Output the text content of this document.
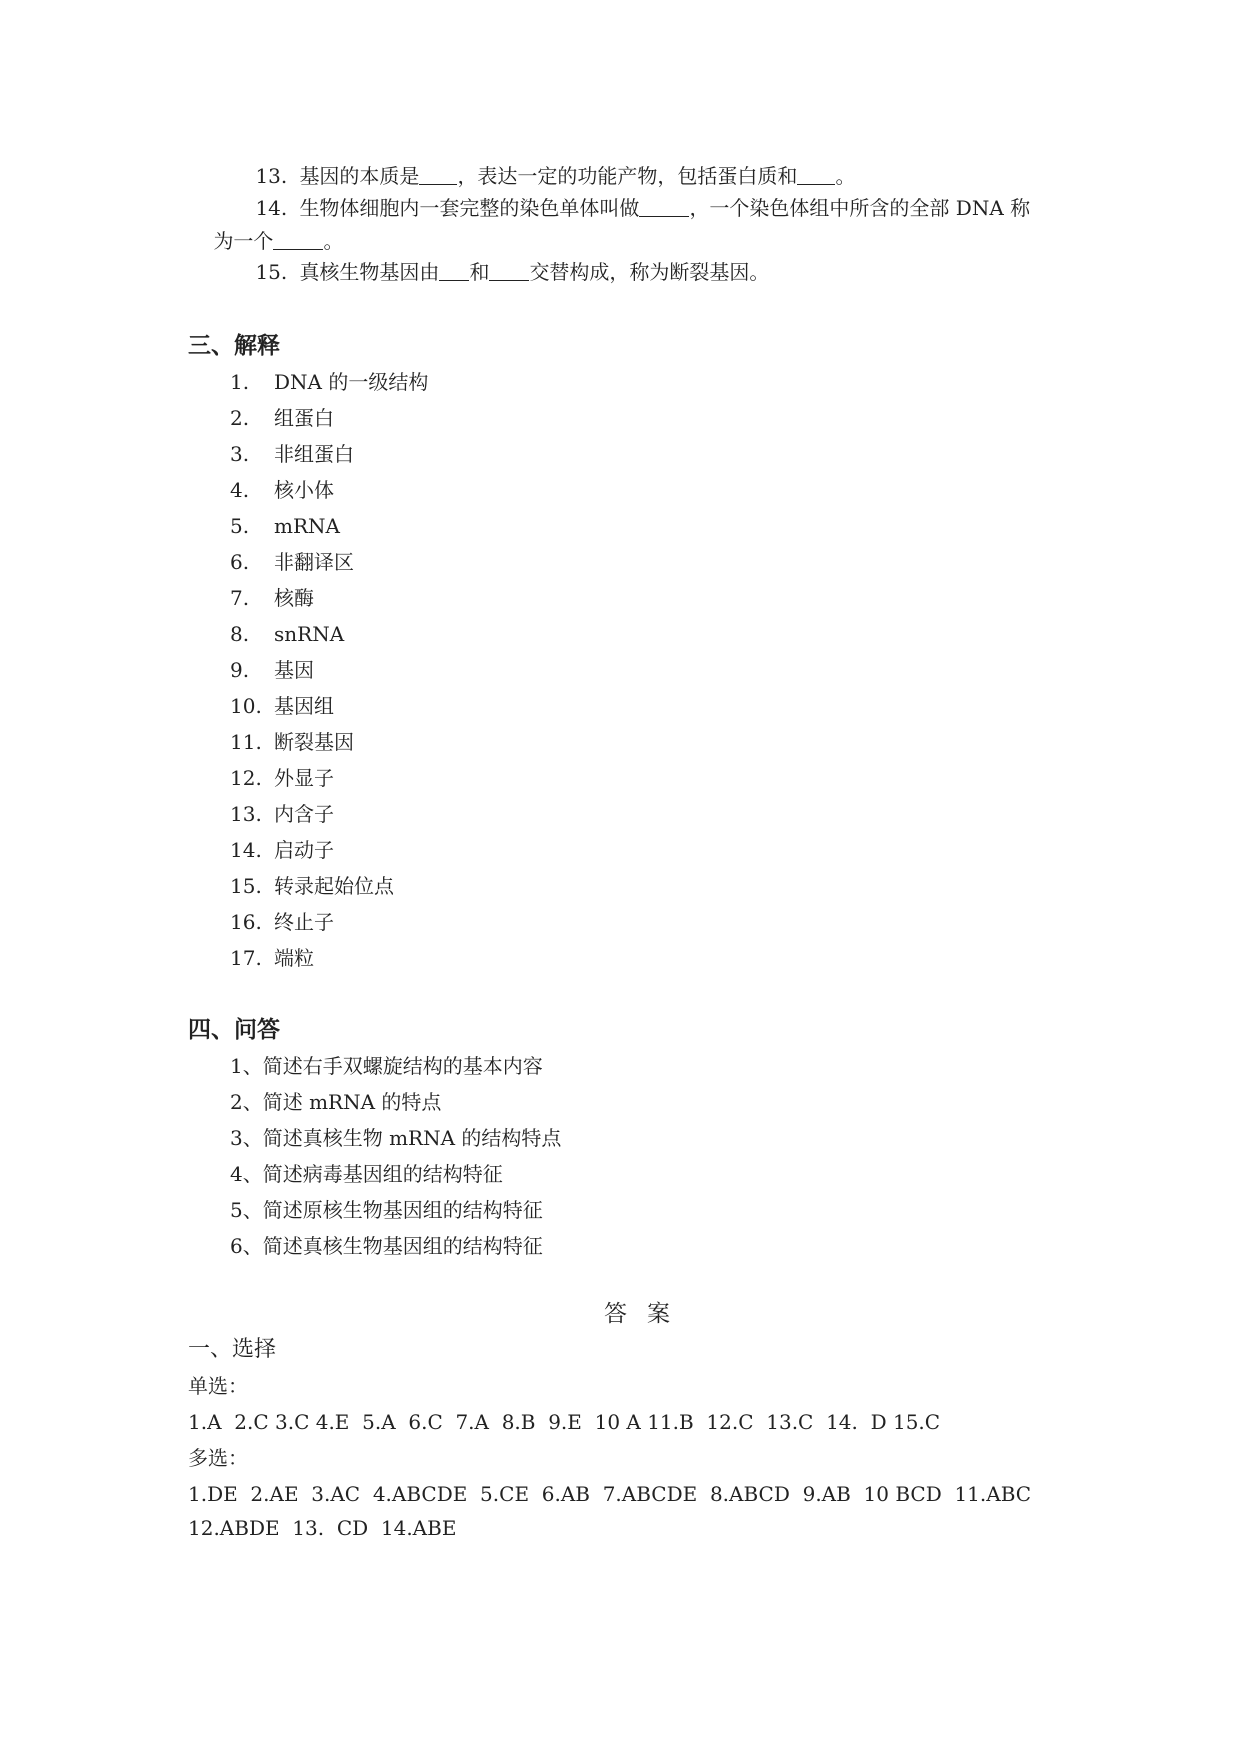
13. 基因的本质是 ，表达一定的功能产物，包括蛋白质和 。

14. 生物体细胞内一套完整的染色单体叫做	，一个染色体组中所含的全部 DNA 称

为一个	。

15. 真核生物基因由 和 交替构成，称为断裂基因。

三、解释
1. DNA 的一级结构
2. 组蛋白
3. 非组蛋白
4. 核小体
5. mRNA
6. 非翻译区
7. 核酶
8. snRNA
9. 基因
10. 基因组
11. 断裂基因
12. 外显子
13. 内含子
14. 启动子
15. 转录起始位点
16. 终止子
17. 端粒
四、问答
1、简述右手双螺旋结构的基本内容
2、简述 mRNA 的特点
3、简述真核生物 mRNA 的结构特点
4、简述病毒基因组的结构特征
5、简述原核生物基因组的结构特征
6、简述真核生物基因组的结构特征
答案
一、选择
单选：
1.A  2.C 3.C 4.E  5.A  6.C  7.A  8.B  9.E  10 A 11.B  12.C  13.C  14.  D 15.C
多选：
1.DE  2.AE  3.AC  4.ABCDE  5.CE  6.AB  7.ABCDE  8.ABCD  9.AB  10 BCD  11.ABC
12.ABDE  13.  CD  14.ABE
